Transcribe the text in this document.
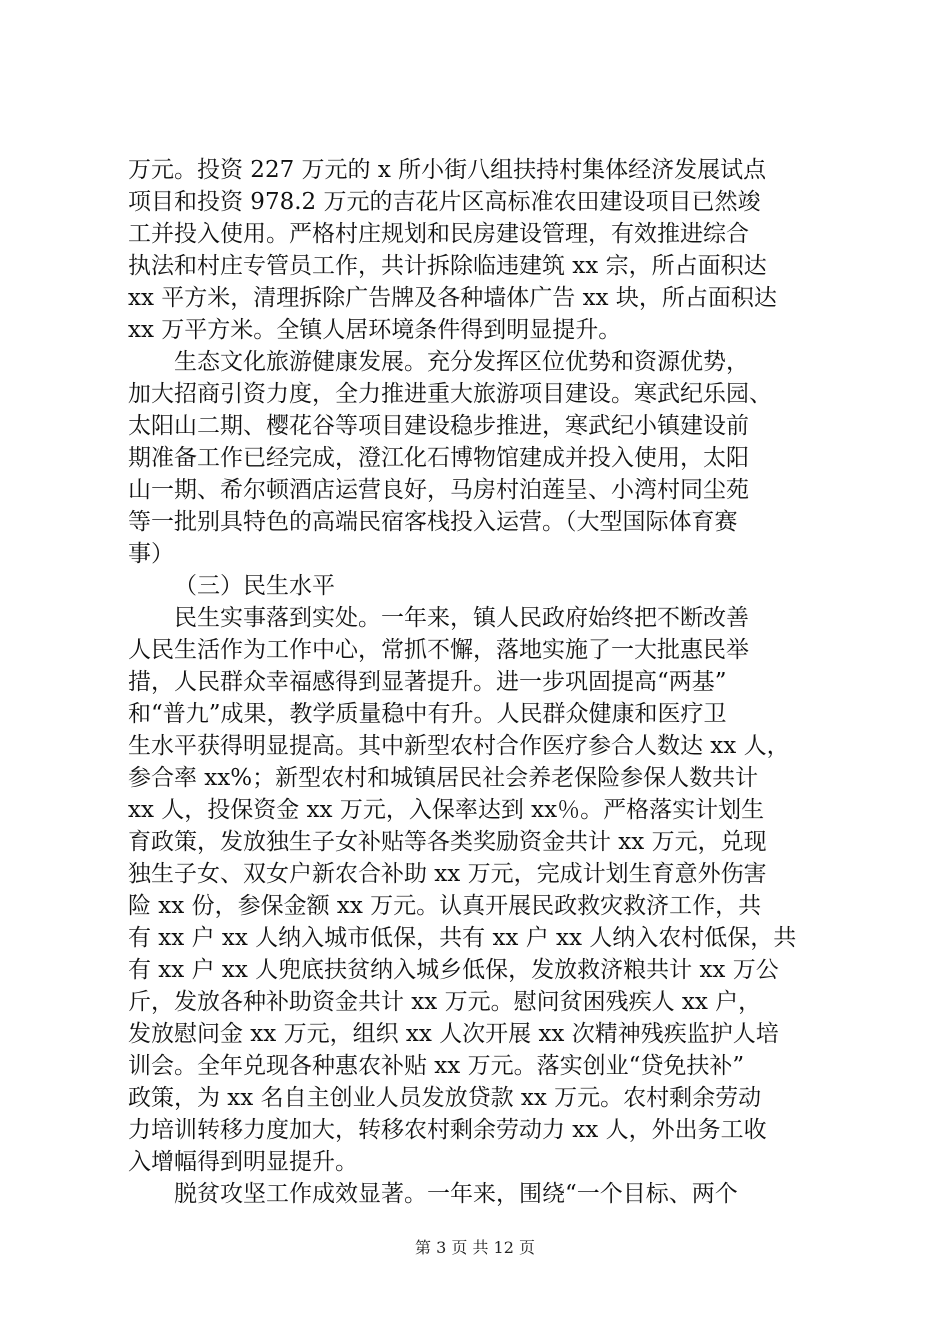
万元。投资 227 万元的 x 所小街八组扶持村集体经济发展试点
项目和投资 978.2 万元的吉花片区高标准农田建设项目已然竣
工并投入使用。严格村庄规划和民房建设管理，有效推进综合
执法和村庄专管员工作，共计拆除临违建筑 xx 宗，所占面积达
xx 平方米，清理拆除广告牌及各种墙体广告 xx 块，所占面积达
xx 万平方米。全镇人居环境条件得到明显提升。
生态文化旅游健康发展。充分发挥区位优势和资源优势，
加大招商引资力度，全力推进重大旅游项目建设。寒武纪乐园、
太阳山二期、樱花谷等项目建设稳步推进，寒武纪小镇建设前
期准备工作已经完成，澄江化石博物馆建成并投入使用，太阳
山一期、希尔顿酒店运营良好，马房村泊莲呈、小湾村同尘苑
等一批别具特色的高端民宿客栈投入运营。（大型国际体育赛
事）
（三）民生水平
民生实事落到实处。一年来，镇人民政府始终把不断改善
人民生活作为工作中心，常抓不懈，落地实施了一大批惠民举
措，人民群众幸福感得到显著提升。进一步巩固提高“两基”
和“普九”成果，教学质量稳中有升。人民群众健康和医疗卫
生水平获得明显提高。其中新型农村合作医疗参合人数达 xx 人，
参合率 xx%；新型农村和城镇居民社会养老保险参保人数共计
xx 人，投保资金 xx 万元，入保率达到 xx％。严格落实计划生
育政策，发放独生子女补贴等各类奖励资金共计 xx 万元，兑现
独生子女、双女户新农合补助 xx 万元，完成计划生育意外伤害
险 xx 份，参保金额 xx 万元。认真开展民政救灾救济工作，共
有 xx 户 xx 人纳入城市低保，共有 xx 户 xx 人纳入农村低保，共
有 xx 户 xx 人兜底扶贫纳入城乡低保，发放救济粮共计 xx 万公
斤，发放各种补助资金共计 xx 万元。慰问贫困残疾人 xx 户，
发放慰问金 xx 万元，组织 xx 人次开展 xx 次精神残疾监护人培
训会。全年兑现各种惠农补贴 xx 万元。落实创业“贷免扶补”
政策，为 xx 名自主创业人员发放贷款 xx 万元。农村剩余劳动
力培训转移力度加大，转移农村剩余劳动力 xx 人，外出务工收
入增幅得到明显提升。
脱贫攻坚工作成效显著。一年来，围绕“一个目标、两个
第 3 页 共 12 页
